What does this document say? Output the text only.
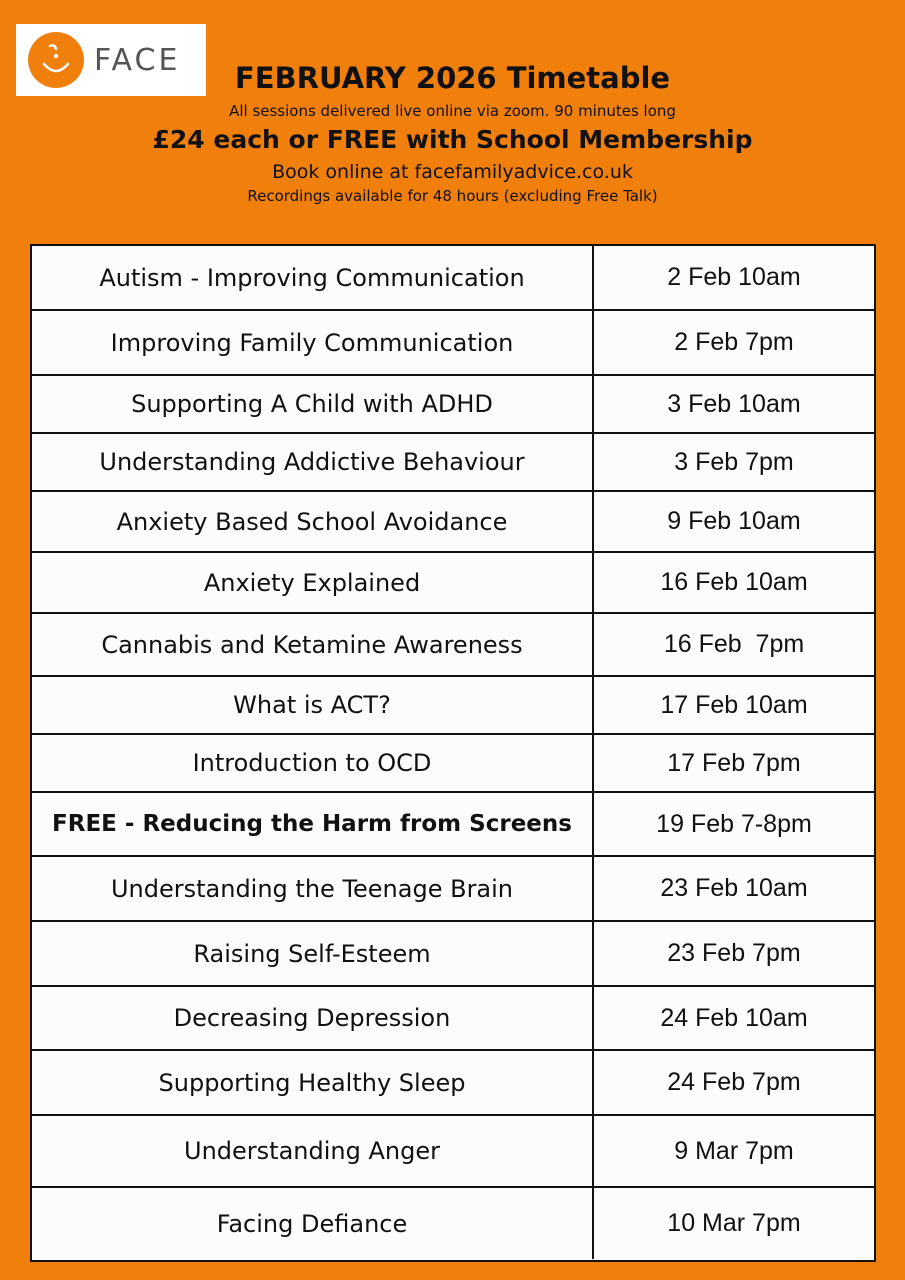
FACE
FEBRUARY 2026 Timetable
All sessions delivered live online via zoom. 90 minutes long
£24 each or FREE with School Membership
Book online at facefamilyadvice.co.uk
Recordings available for 48 hours (excluding Free Talk)
Autism - Improving Communication	2 Feb 10am
Improving Family Communication	2 Feb 7pm
Supporting A Child with ADHD	3 Feb 10am
Understanding Addictive Behaviour	3 Feb 7pm
Anxiety Based School Avoidance	9 Feb 10am
Anxiety Explained	16 Feb 10am
Cannabis and Ketamine Awareness	16 Feb  7pm
What is ACT?	17 Feb 10am
Introduction to OCD	17 Feb 7pm
FREE - Reducing the Harm from Screens	19 Feb 7-8pm
Understanding the Teenage Brain	23 Feb 10am
Raising Self-Esteem	23 Feb 7pm
Decreasing Depression	24 Feb 10am
Supporting Healthy Sleep	24 Feb 7pm
Understanding Anger	9 Mar 7pm
Facing Defiance	10 Mar 7pm
